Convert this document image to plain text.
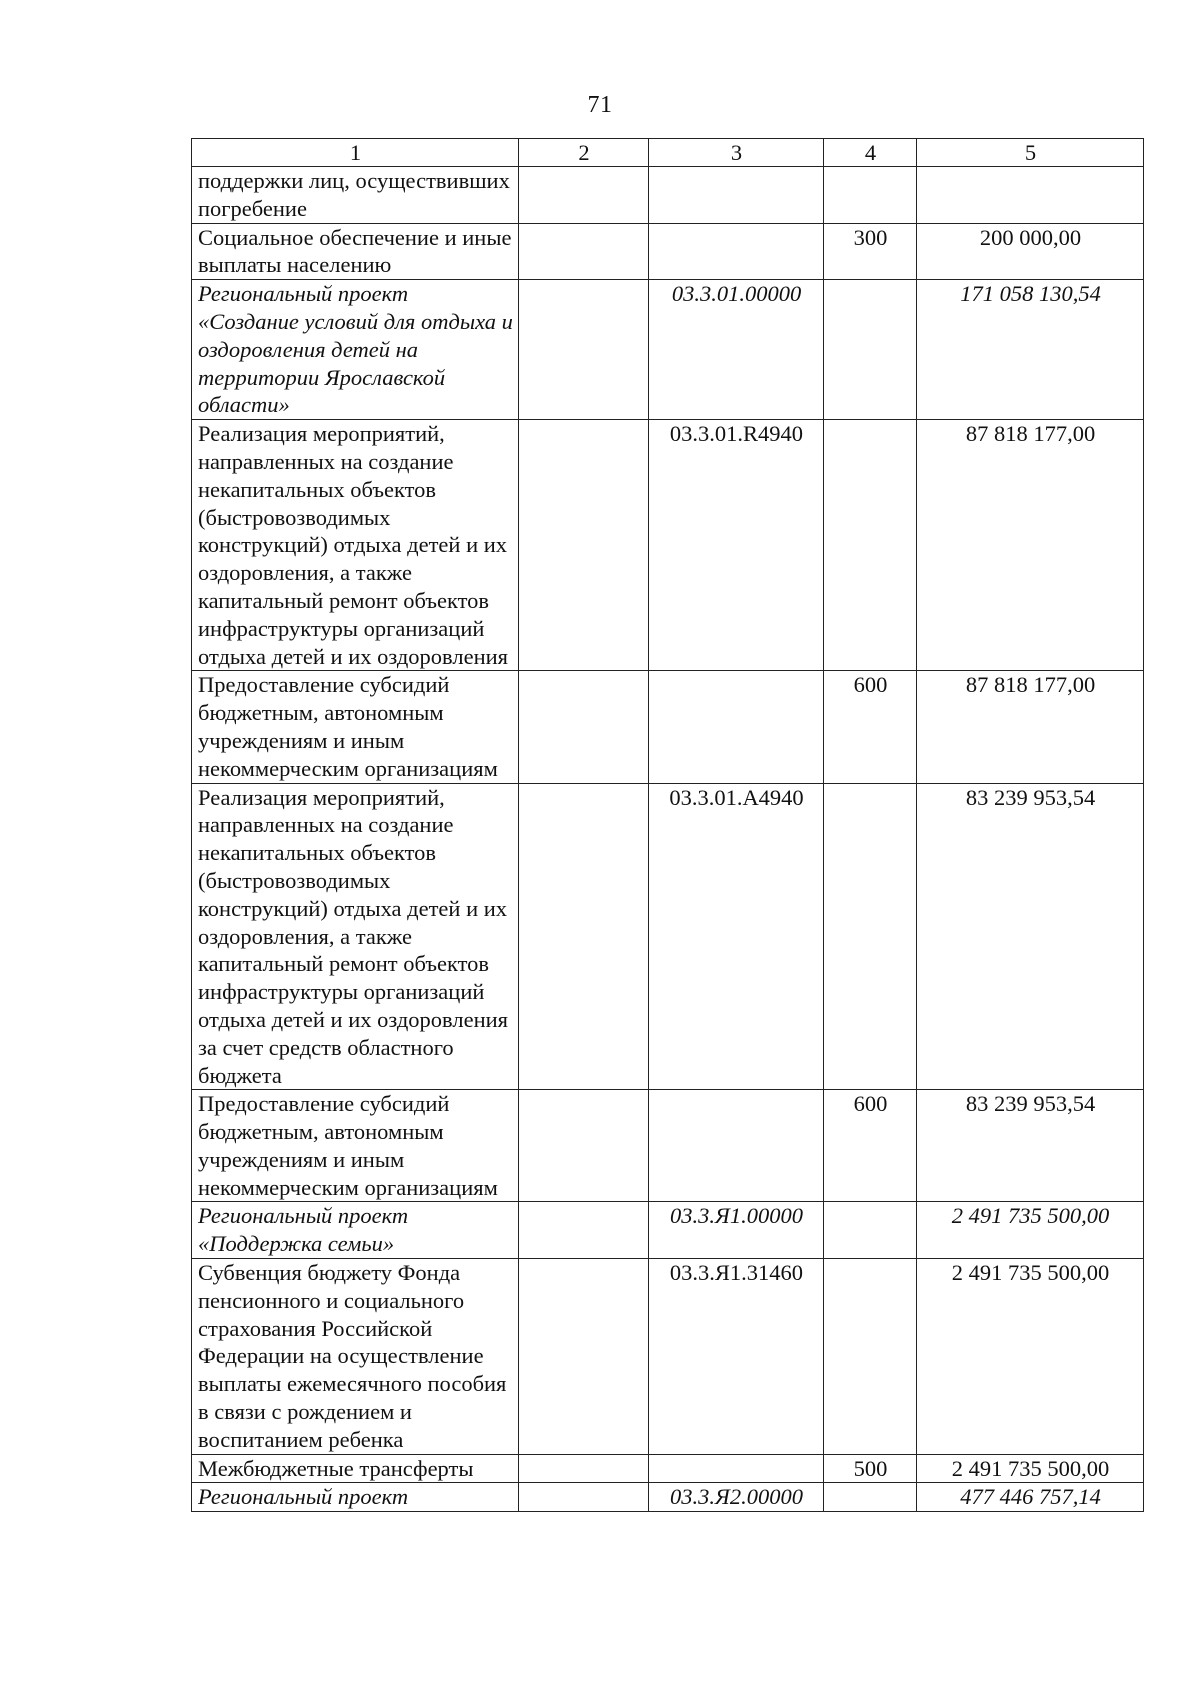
71
1	2	3	4	5
поддержки лиц, осуществивших погребение				
Социальное обеспечение и иные выплаты населению			300	200 000,00
Региональный проект «Создание условий для отдыха и оздоровления детей на территории Ярославской области»		03.3.01.00000		171 058 130,54
Реализация мероприятий, направленных на создание некапитальных объектов (быстровозводимых конструкций) отдыха детей и их оздоровления, а также капитальный ремонт объектов инфраструктуры организаций отдыха детей и их оздоровления		03.3.01.R4940		87 818 177,00
Предоставление субсидий бюджетным, автономным учреждениям и иным некоммерческим организациям			600	87 818 177,00
Реализация мероприятий, направленных на создание некапитальных объектов (быстровозводимых конструкций) отдыха детей и их оздоровления, а также капитальный ремонт объектов инфраструктуры организаций отдыха детей и их оздоровления за счет средств областного бюджета		03.3.01.A4940		83 239 953,54
Предоставление субсидий бюджетным, автономным учреждениям и иным некоммерческим организациям			600	83 239 953,54
Региональный проект «Поддержка семьи»		03.3.Я1.00000		2 491 735 500,00
Субвенция бюджету Фонда пенсионного и социального страхования Российской Федерации на осуществление выплаты ежемесячного пособия в связи с рождением и воспитанием ребенка		03.3.Я1.31460		2 491 735 500,00
Межбюджетные трансферты			500	2 491 735 500,00
Региональный проект		03.3.Я2.00000		477 446 757,14
